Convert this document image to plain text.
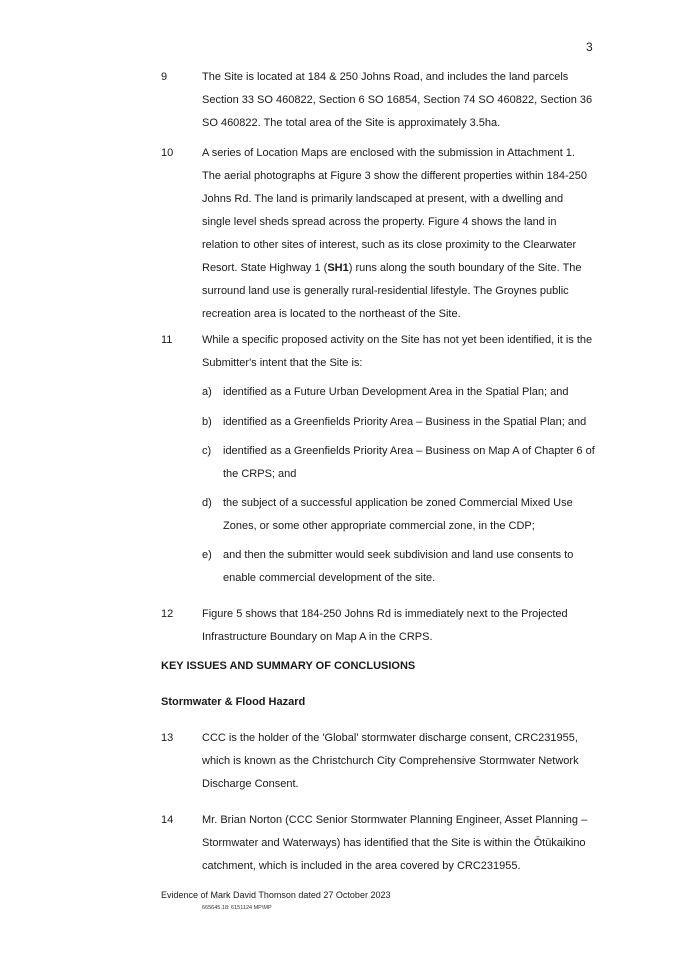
3
9	The Site is located at 184 & 250 Johns Road, and includes the land parcels Section 33 SO 460822, Section 6 SO 16854, Section 74 SO 460822, Section 36 SO 460822. The total area of the Site is approximately 3.5ha.
10	A series of Location Maps are enclosed with the submission in Attachment 1. The aerial photographs at Figure 3 show the different properties within 184-250 Johns Rd. The land is primarily landscaped at present, with a dwelling and single level sheds spread across the property. Figure 4 shows the land in relation to other sites of interest, such as its close proximity to the Clearwater Resort. State Highway 1 (SH1) runs along the south boundary of the Site. The surround land use is generally rural-residential lifestyle. The Groynes public recreation area is located to the northeast of the Site.
11	While a specific proposed activity on the Site has not yet been identified, it is the Submitter's intent that the Site is:
a) identified as a Future Urban Development Area in the Spatial Plan; and
b) identified as a Greenfields Priority Area – Business in the Spatial Plan; and
c) identified as a Greenfields Priority Area – Business on Map A of Chapter 6 of the CRPS; and
d) the subject of a successful application be zoned Commercial Mixed Use Zones, or some other appropriate commercial zone, in the CDP;
e) and then the submitter would seek subdivision and land use consents to enable commercial development of the site.
12	Figure 5 shows that 184-250 Johns Rd is immediately next to the Projected Infrastructure Boundary on Map A in the CRPS.
KEY ISSUES AND SUMMARY OF CONCLUSIONS
Stormwater & Flood Hazard
13	CCC is the holder of the 'Global' stormwater discharge consent, CRC231955, which is known as the Christchurch City Comprehensive Stormwater Network Discharge Consent.
14	Mr. Brian Norton (CCC Senior Stormwater Planning Engineer, Asset Planning – Stormwater and Waterways) has identified that the Site is within the Ōtūkaikino catchment, which is included in the area covered by CRC231955.
Evidence of Mark David Thomson dated 27 October 2023
665645.18: 6151124 MP\MP
